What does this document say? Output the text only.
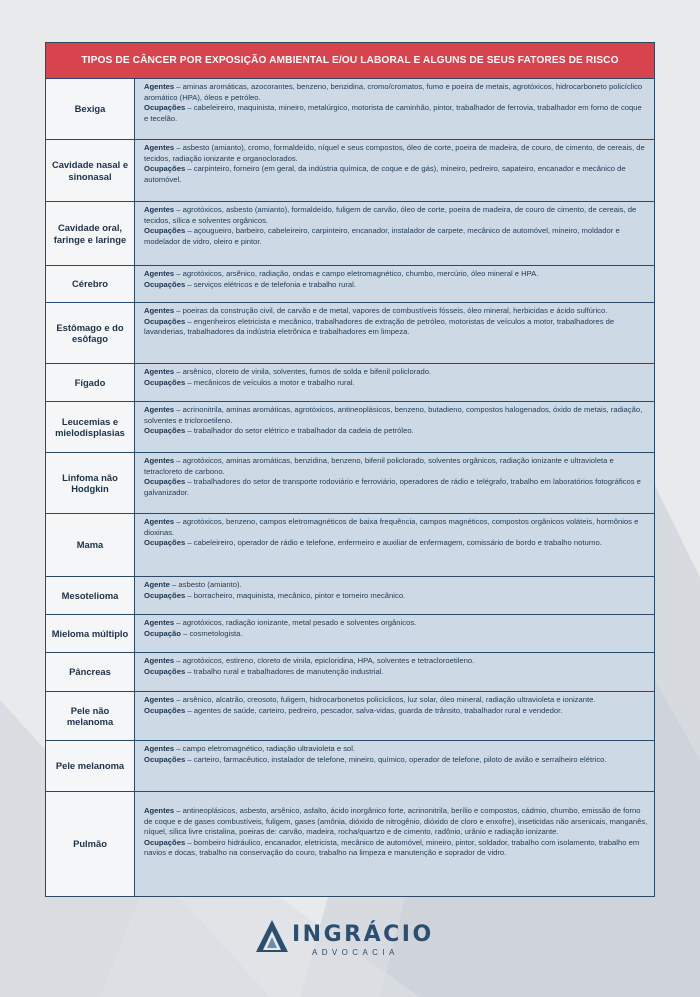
TIPOS DE CÂNCER POR EXPOSIÇÃO AMBIENTAL E/OU LABORAL E ALGUNS DE SEUS FATORES DE RISCO
Bexiga

Agentes – aminas aromáticas, azocorantes, benzeno, benzidina, cromo/cromatos, fumo e poeira de metais, agrotóxicos, hidrocarboneto policíclico aromático (HPA), óleos e petróleo.

Ocupações – cabeleireiro, maquinista, mineiro, metalúrgico, motorista de caminhão, pintor, trabalhador de ferrovia, trabalhador em forno de coque e tecelão.

Cavidade nasal e sinonasal

Agentes – asbesto (amianto), cromo, formaldeído, níquel e seus compostos, óleo de corte, poeira de madeira, de couro, de cimento, de cereais, de tecidos, radiação ionizante e organoclorados.

Ocupações – carpinteiro, forneiro (em geral, da indústria química, de coque e de gás), mineiro, pedreiro, sapateiro, encanador e mecânico de automóvel.

Cavidade oral, faringe e laringe

Agentes – agrotóxicos, asbesto (amianto), formaldeído, fuligem de carvão, óleo de corte, poeira de madeira, de couro de cimento, de cereais, de tecidos, sílica e solventes orgânicos.

Ocupações – açougueiro, barbeiro, cabeleireiro, carpinteiro, encanador, instalador de carpete, mecânico de automóvel, mineiro, moldador e modelador de vidro, oleiro e pintor.

Cérebro

Agentes – agrotóxicos, arsênico, radiação, ondas e campo eletromagnético, chumbo, mercúrio, óleo mineral e HPA.

Ocupações – serviços elétricos e de telefonia e trabalho rural.

Estômago e do esôfago

Agentes – poeiras da construção civil, de carvão e de metal, vapores de combustíveis fósseis, óleo mineral, herbicidas e ácido sulfúrico.

Ocupações – engenheiros eletricista e mecânico, trabalhadores de extração de petróleo, motoristas de veículos a motor, trabalhadores de lavanderias, trabalhadores da indústria eletrônica e trabalhadores em limpeza.

Fígado

Agentes – arsênico, cloreto de vinila, solventes, fumos de solda e bifenil policlorado.

Ocupações – mecânicos de veículos a motor e trabalho rural.

Leucemias e mielodisplasias

Agentes – acrinonitrila, aminas aromáticas, agrotóxicos, antineoplásicos, benzeno, butadieno, compostos halogenados, óxido de metais, radiação, solventes e tricloroetileno.

Ocupações – trabalhador do setor elétrico e trabalhador da cadeia de petróleo.

Linfoma não Hodgkin

Agentes – agrotóxicos, aminas aromáticas, benzidina, benzeno, bifenil policlorado, solventes orgânicos, radiação ionizante e ultravioleta e tetracloreto de carbono.

Ocupações – trabalhadores do setor de transporte rodoviário e ferroviário, operadores de rádio e telégrafo, trabalho em laboratórios fotográficos e galvanizador.

Mama

Agentes – agrotóxicos, benzeno, campos eletromagnéticos de baixa frequência, campos magnéticos, compostos orgânicos voláteis, hormônios e dioxinas.

Ocupações – cabeleireiro, operador de rádio e telefone, enfermeiro e auxiliar de enfermagem, comissário de bordo e trabalho noturno.

Mesotelioma

Agente – asbesto (amianto).

Ocupações – borracheiro, maquinista, mecânico, pintor e torneiro mecânico.

Mieloma múltiplo

Agentes – agrotóxicos, radiação ionizante, metal pesado e solventes orgânicos.

Ocupação – cosmetologista.

Pâncreas

Agentes – agrotóxicos, estireno, cloreto de vinila, epicloridina, HPA, solventes e tetracloroetileno.

Ocupações – trabalho rural e trabalhadores de manutenção industrial.

Pele não melanoma

Agentes – arsênico, alcatrão, creosoto, fuligem, hidrocarbonetos policíclicos, luz solar, óleo mineral, radiação ultravioleta e ionizante.

Ocupações – agentes de saúde, carteiro, pedreiro, pescador, salva-vidas, guarda de trânsito, trabalhador rural e vendedor.

Pele melanoma

Agentes – campo eletromagnético, radiação ultravioleta e sol.

Ocupações – carteiro, farmacêutico, instalador de telefone, mineiro, químico, operador de telefone, piloto de avião e serralheiro elétrico.

Pulmão

Agentes – antineoplásicos, asbesto, arsênico, asfalto, ácido inorgânico forte, acrinonitrila, berílio e compostos, cádmio, chumbo, emissão de forno de coque e de gases combustíveis, fuligem, gases (amônia, dióxido de nitrogênio, dióxido de cloro e enxofre), inseticidas não arsenicais, manganês, níquel, sílica livre cristalina, poeiras de: carvão, madeira, rocha/quartzo e de cimento, radônio, urânio e radiação ionizante.

Ocupações – bombeiro hidráulico, encanador, eletricista, mecânico de automóvel, mineiro, pintor, soldador, trabalho com isolamento, trabalho em navios e docas, trabalho na conservação do couro, trabalho na limpeza e manutenção e soprador de vidro.

INGRÁCIO
ADVOCACIA
